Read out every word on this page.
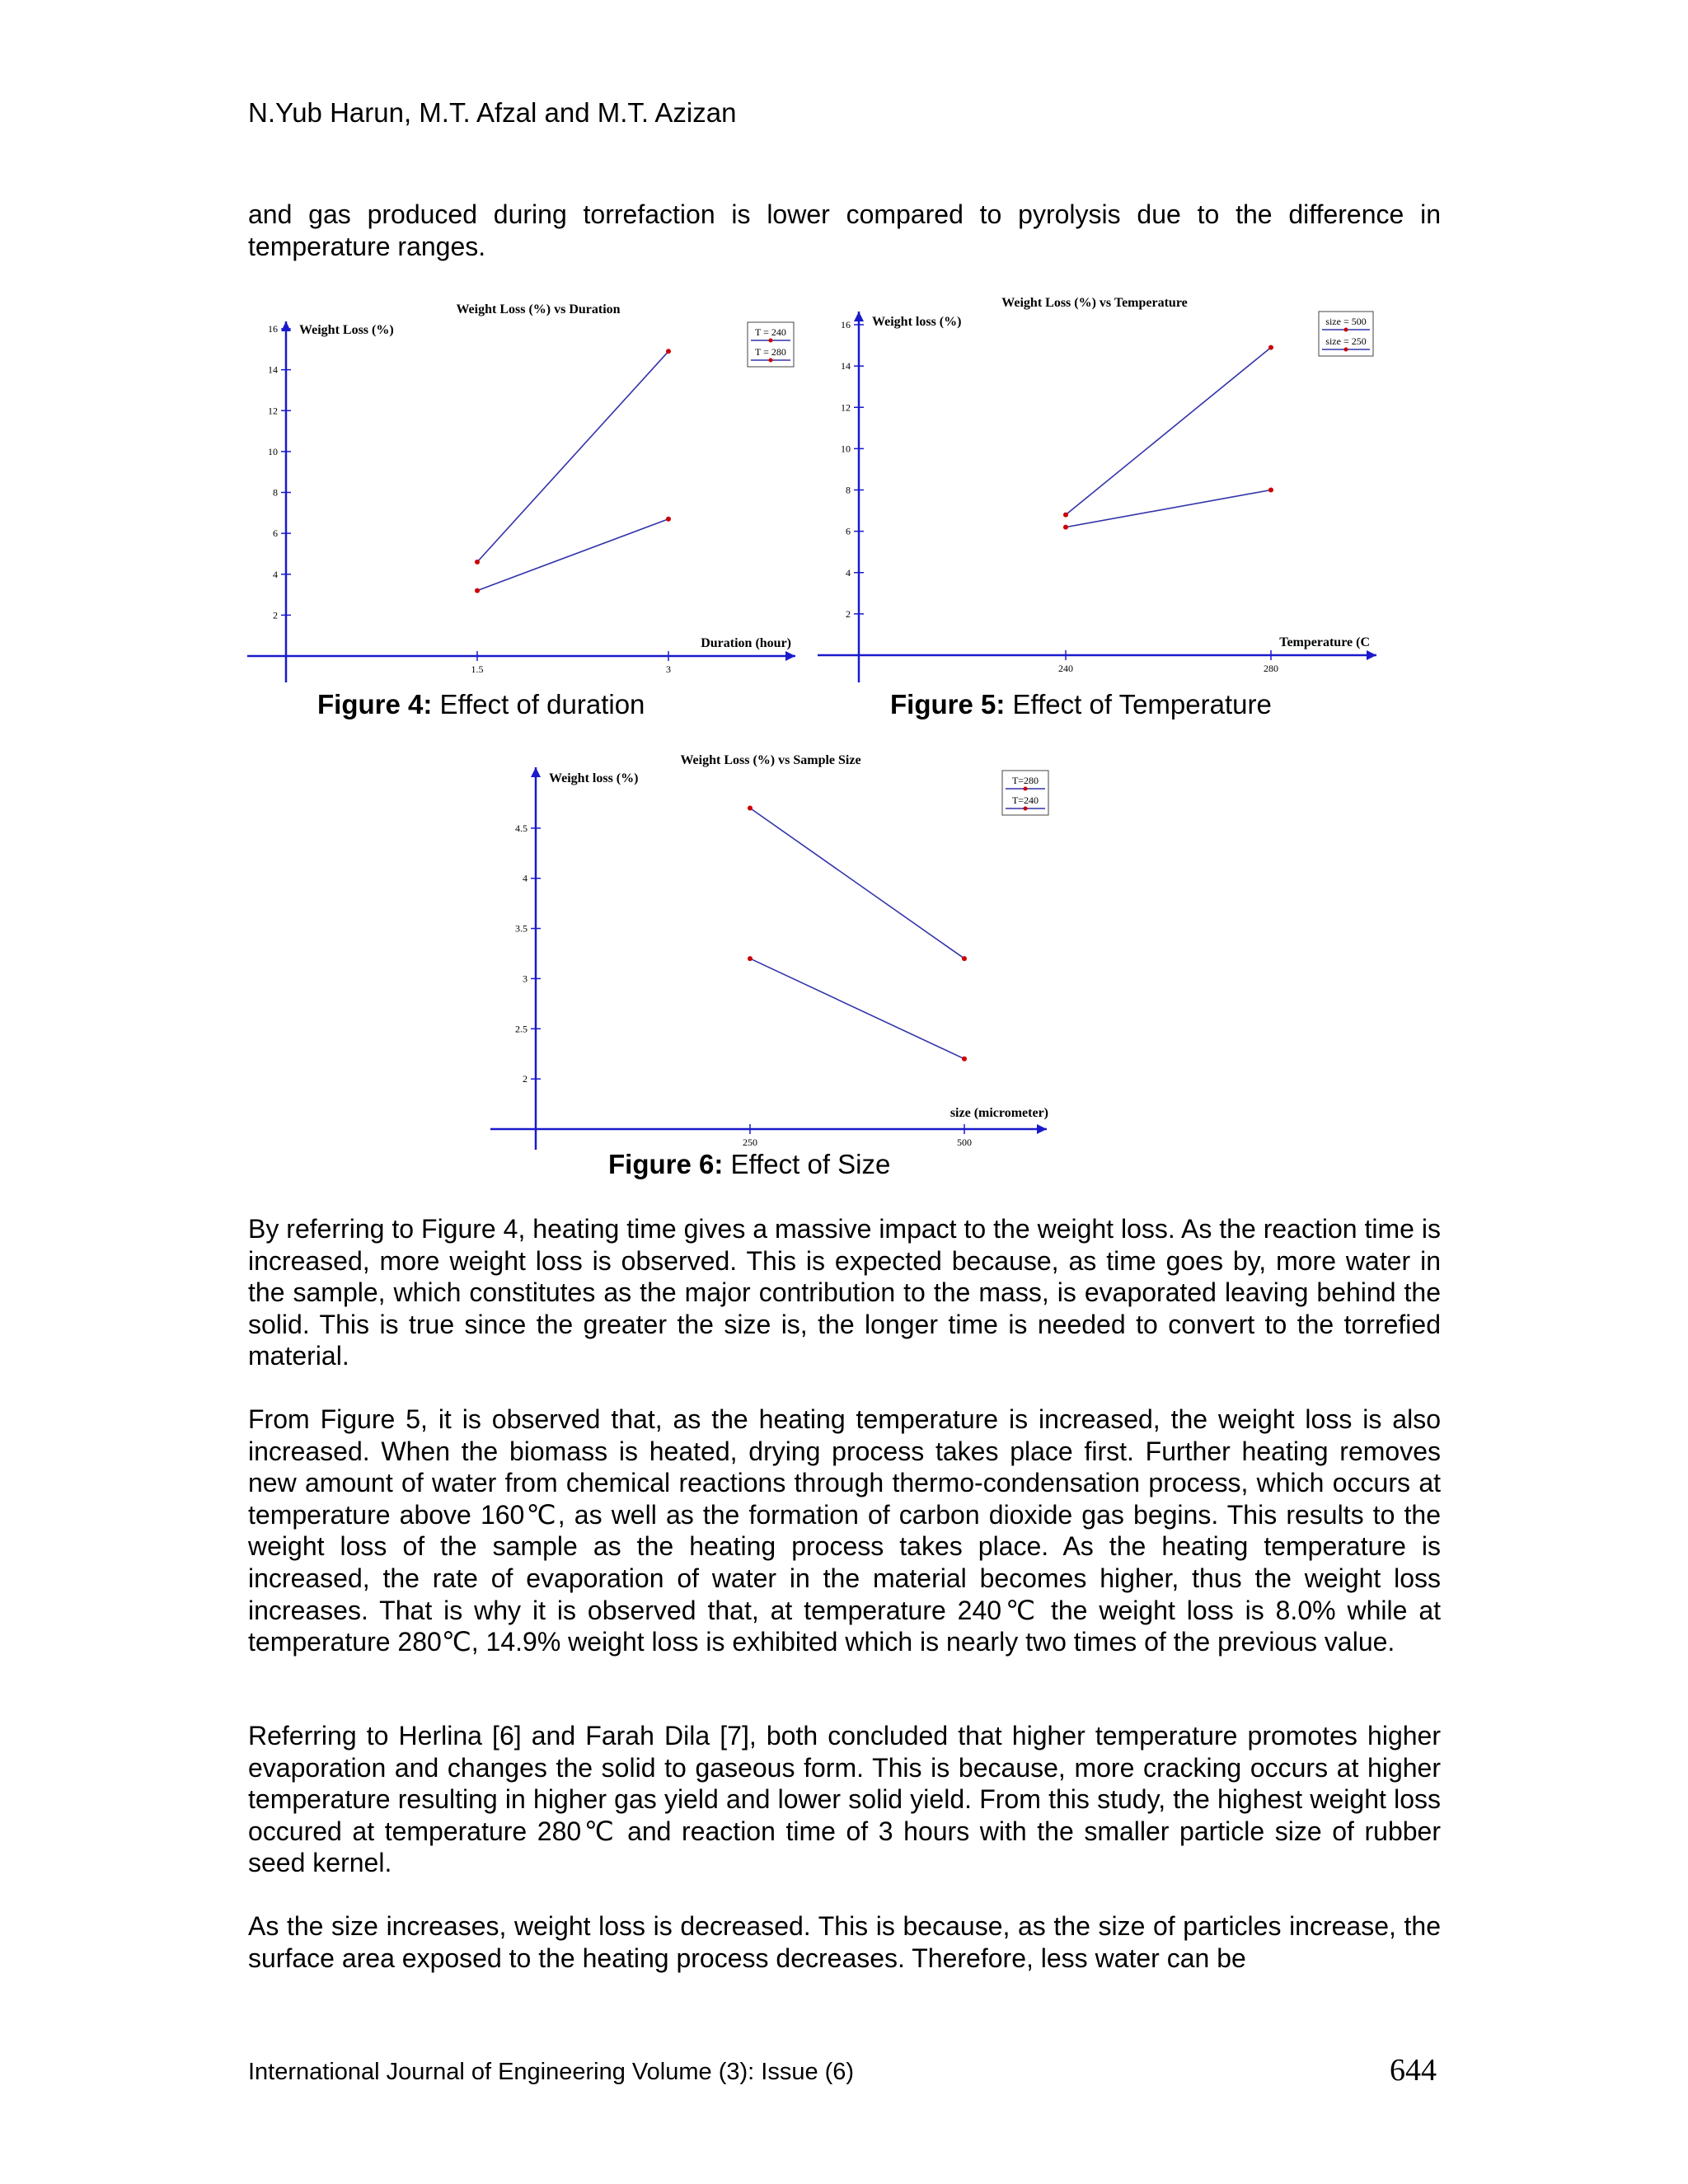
N.Yub Harun, M.T. Afzal and M.T. Azizan

and gas produced during torrefaction is lower compared to pyrolysis due to the difference in temperature ranges.

2
4
6
8
10
12
14
16
1.5	3
Weight Loss (%) vs Duration
Weight Loss (%)
Duration (hour)
T = 240
T = 280
2
4
6
8
10
12
14
16
240	280
Weight Loss (%) vs Temperature
Weight loss (%)
Temperature (C
size = 500
size = 250
Figure 4: Effect of duration	Figure 5: Effect of Temperature
2
2.5
3
3.5
4
4.5
250	500
Weight Loss (%) vs Sample Size
Weight loss (%)
size (micrometer)
T=280
T=240
Figure 6: Effect of Size

By referring to Figure 4, heating time gives a massive impact to the weight loss. As the reaction time is increased, more weight loss is observed. This is expected because, as time goes by, more water in the sample, which constitutes as the major contribution to the mass, is evaporated leaving behind the solid. This is true since the greater the size is, the longer time is needed to convert to the torrefied material.

From Figure 5, it is observed that, as the heating temperature is increased, the weight loss is also increased. When the biomass is heated, drying process takes place first. Further heating removes new amount of water from chemical reactions through thermo-condensation process, which occurs at temperature above 160℃, as well as the formation of carbon dioxide gas begins. This results to the weight loss of the sample as the heating process takes place. As the heating temperature is increased, the rate of evaporation of water in the material becomes higher, thus the weight loss increases. That is why it is observed that, at temperature 240℃ the weight loss is 8.0% while at temperature 280℃, 14.9% weight loss is exhibited which is nearly two times of the previous value.

Referring to Herlina [6] and Farah Dila [7], both concluded that higher temperature promotes higher evaporation and changes the solid to gaseous form. This is because, more cracking occurs at higher temperature resulting in higher gas yield and lower solid yield. From this study, the highest weight loss occured at temperature 280℃ and reaction time of 3 hours with the smaller particle size of rubber seed kernel.

As the size increases, weight loss is decreased. This is because, as the size of particles increase, the surface area exposed to the heating process decreases. Therefore, less water can be

International Journal of Engineering Volume (3): Issue (6)	644
